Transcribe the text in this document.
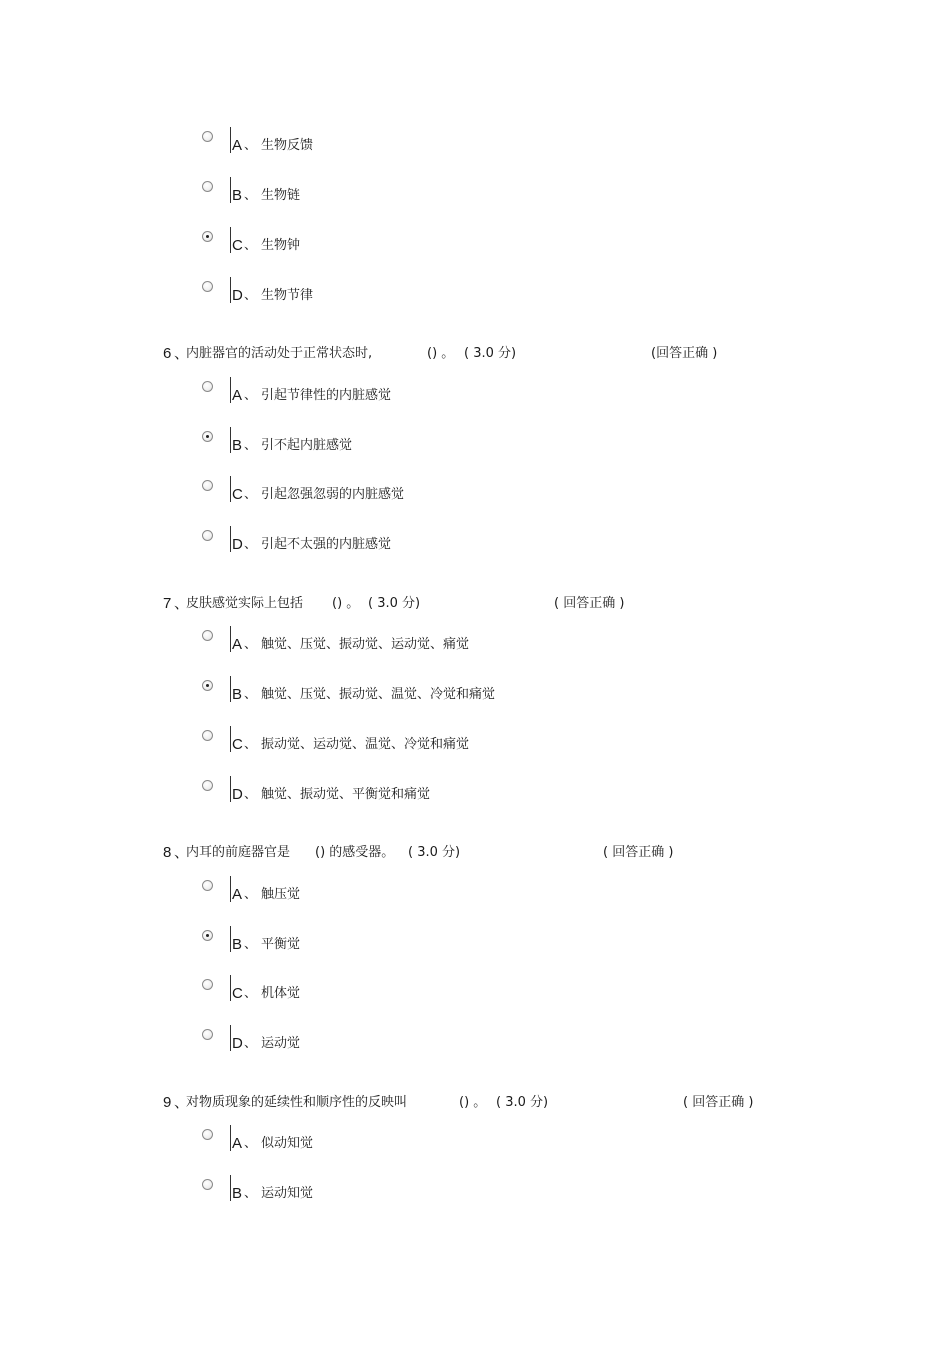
A 、 生物反馈
B 、 生物链
C 、 生物钟
D 、 生物节律
6 、
内脏器官的活动处于正常状态时,	() 。 ( 3.0 分)	(回答正确 )
A 、 引起节律性的内脏感觉
B 、 引不起内脏感觉
C 、 引起忽强忽弱的内脏感觉
D 、 引起不太强的内脏感觉
7 、
皮肤感觉实际上包括 () 。 ( 3.0 分)	( 回答正确 )
A 、 触觉、压觉、振动觉、运动觉、痛觉
B 、 触觉、压觉、振动觉、温觉、冷觉和痛觉
C 、 振动觉、运动觉、温觉、冷觉和痛觉
D 、 触觉、振动觉、平衡觉和痛觉
8 、
内耳的前庭器官是 () 的感受器。 ( 3.0 分)	( 回答正确 )
A 、 触压觉
B 、 平衡觉
C 、 机体觉
D 、 运动觉
9 、
对物质现象的延续性和顺序性的反映叫	() 。 ( 3.0 分)	( 回答正确 )
A 、 似动知觉
B 、 运动知觉
